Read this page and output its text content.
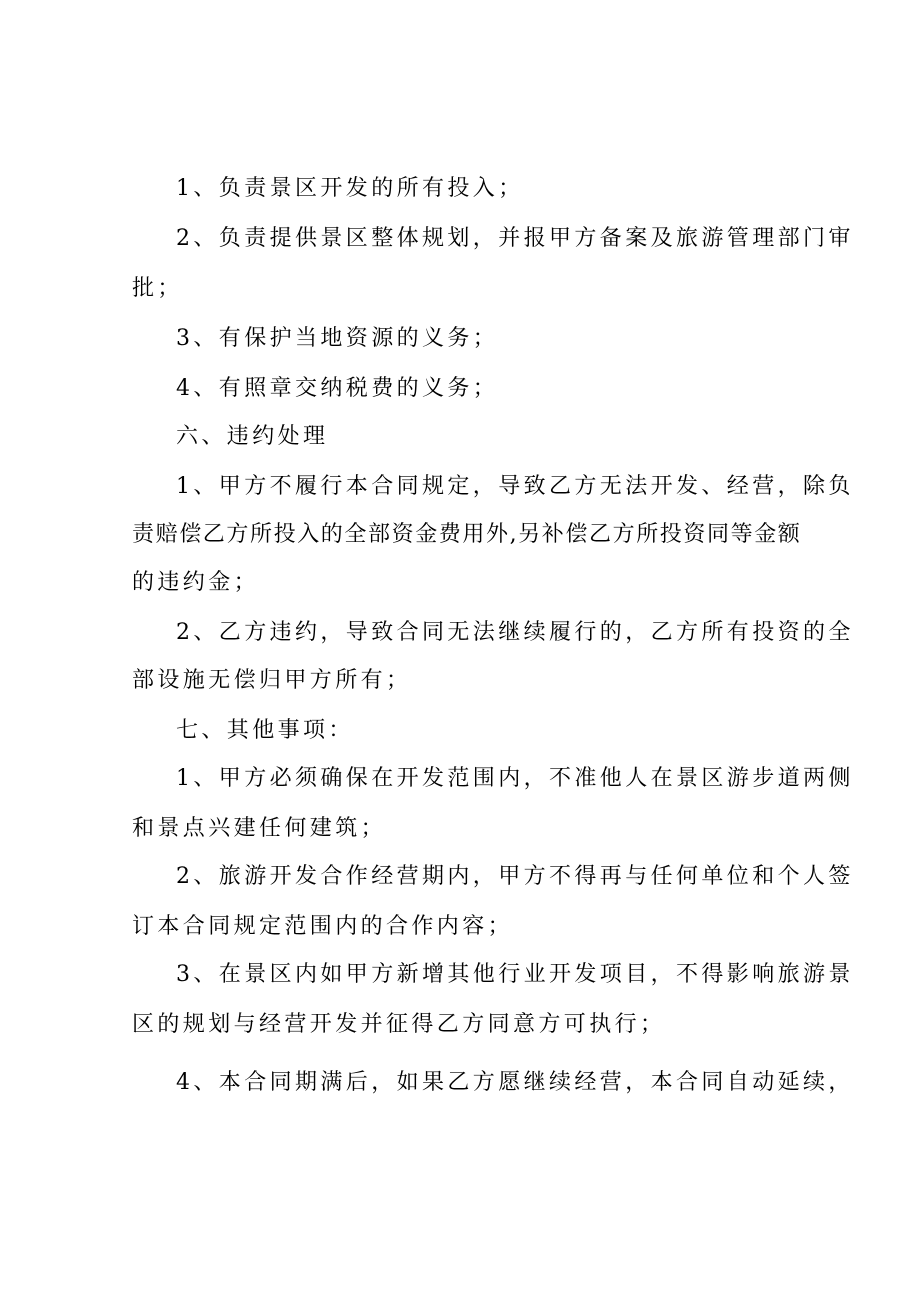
1、负责景区开发的所有投入；
2、负责提供景区整体规划，并报甲方备案及旅游管理部门审
批；
3、有保护当地资源的义务；
4、有照章交纳税费的义务；
六、违约处理
1、甲方不履行本合同规定，导致乙方无法开发、经营，除负
责赔偿乙方所投入的全部资金费用外,另补偿乙方所投资同等金额
的违约金；
2、乙方违约，导致合同无法继续履行的，乙方所有投资的全
部设施无偿归甲方所有；
七、其他事项：
1、甲方必须确保在开发范围内，不准他人在景区游步道两侧
和景点兴建任何建筑；
2、旅游开发合作经营期内，甲方不得再与任何单位和个人签
订本合同规定范围内的合作内容；
3、在景区内如甲方新增其他行业开发项目，不得影响旅游景
区的规划与经营开发并征得乙方同意方可执行；
4、本合同期满后，如果乙方愿继续经营，本合同自动延续，
